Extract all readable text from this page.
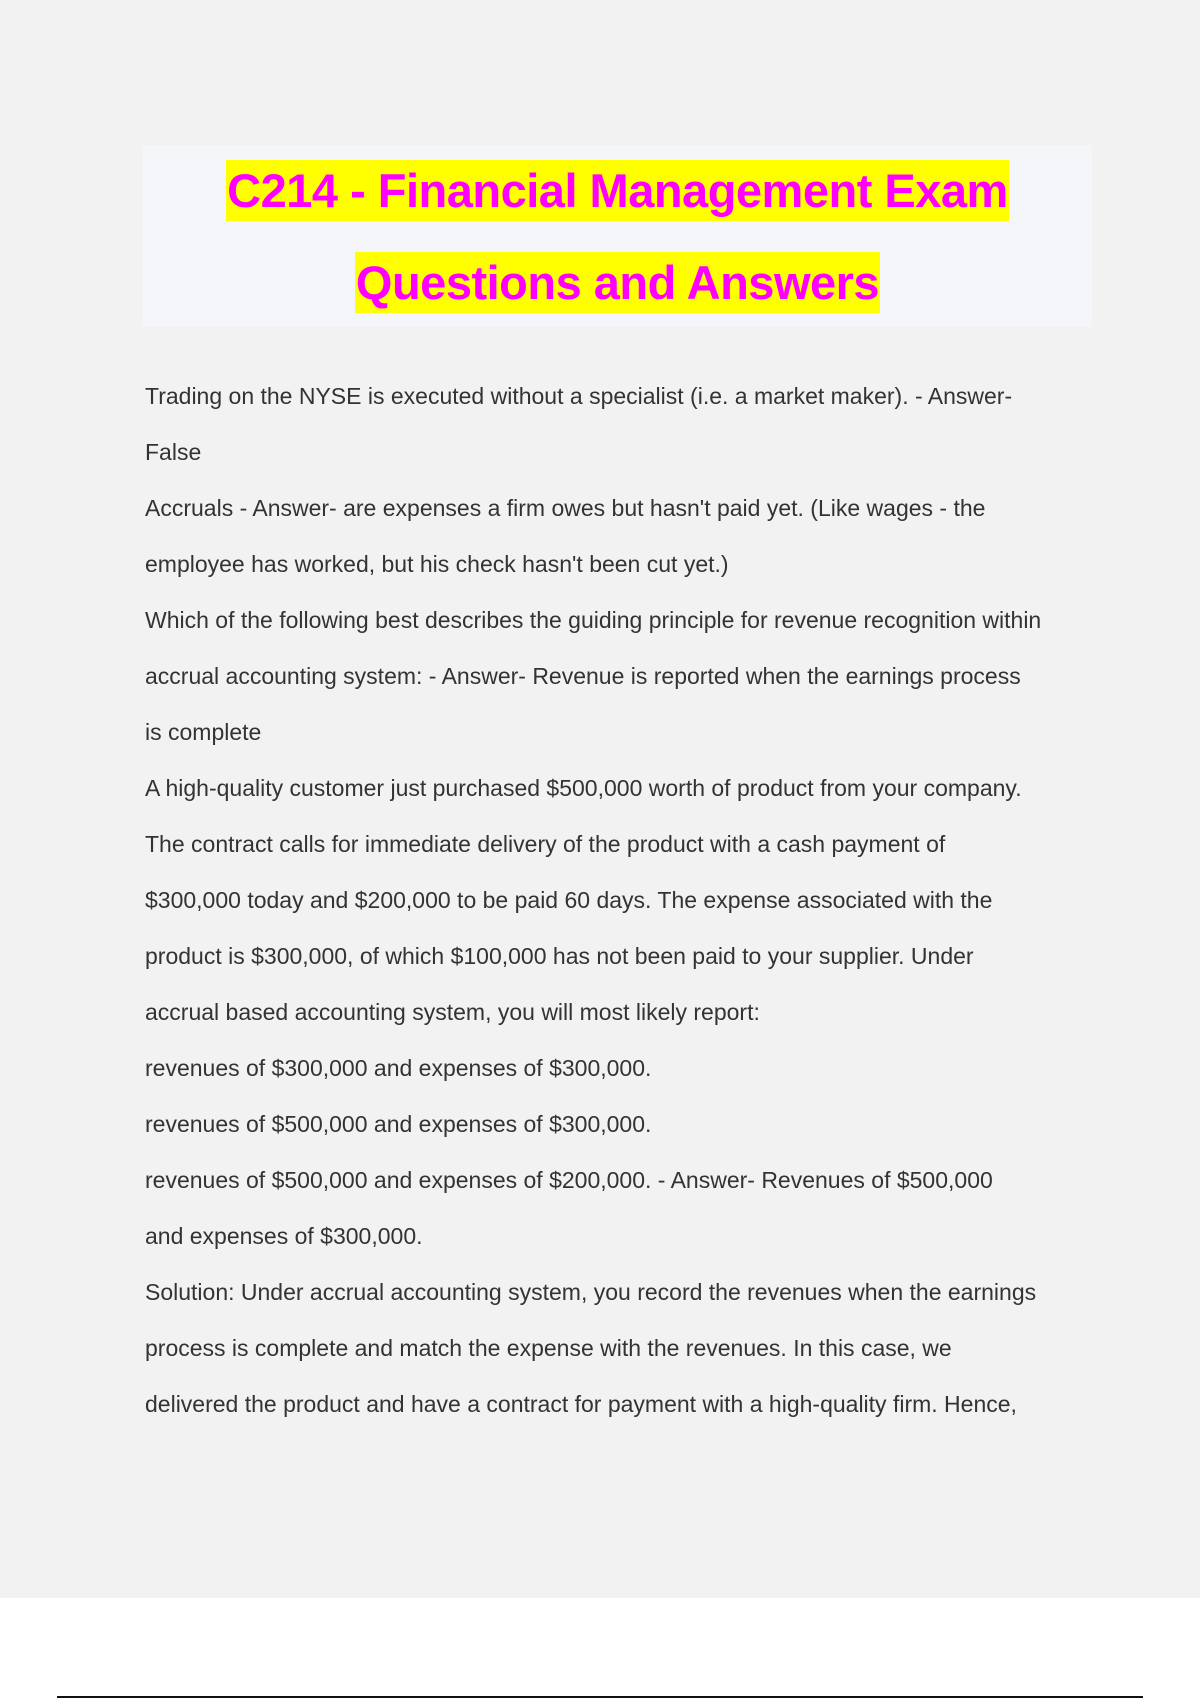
C214 - Financial Management Exam
Questions and Answers
Trading on the NYSE is executed without a specialist (i.e. a market maker). - Answer-
False
Accruals - Answer- are expenses a firm owes but hasn't paid yet. (Like wages - the
employee has worked, but his check hasn't been cut yet.)
Which of the following best describes the guiding principle for revenue recognition within
accrual accounting system: - Answer- Revenue is reported when the earnings process
is complete
A high-quality customer just purchased $500,000 worth of product from your company.
The contract calls for immediate delivery of the product with a cash payment of
$300,000 today and $200,000 to be paid 60 days. The expense associated with the
product is $300,000, of which $100,000 has not been paid to your supplier. Under
accrual based accounting system, you will most likely report:
revenues of $300,000 and expenses of $300,000.
revenues of $500,000 and expenses of $300,000.
revenues of $500,000 and expenses of $200,000. - Answer- Revenues of $500,000
and expenses of $300,000.
Solution: Under accrual accounting system, you record the revenues when the earnings
process is complete and match the expense with the revenues. In this case, we
delivered the product and have a contract for payment with a high-quality firm. Hence,
